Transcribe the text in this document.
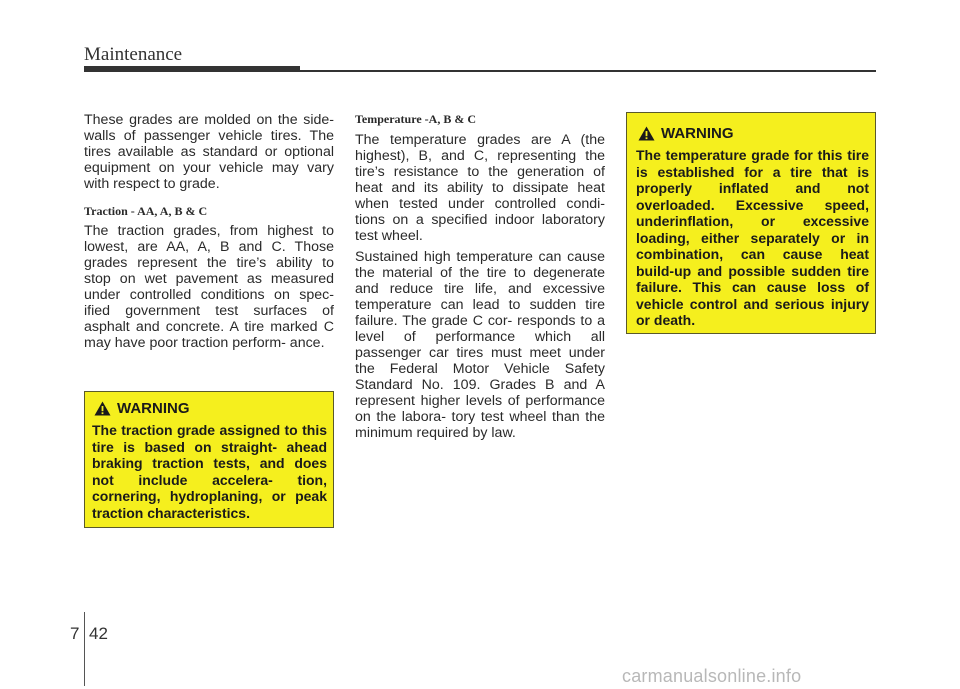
Maintenance

These grades are molded on the side-walls of passenger vehicle tires. The tires available as standard or optional equipment on your vehicle may vary with respect to grade.

Traction - AA, A, B & C

The traction grades, from highest to lowest, are AA, A, B and C. Those grades represent the tire’s ability to stop on wet pavement as measured under controlled conditions on spec- ified government test surfaces of asphalt and concrete. A tire marked C may have poor traction perform- ance.

WARNING

The traction grade assigned to this tire is based on straight- ahead braking traction tests, and does not include accelera- tion, cornering, hydroplaning, or peak traction characteristics.

Temperature -A, B & C

The temperature grades are A (the highest), B, and C, representing the tire’s resistance to the generation of heat and its ability to dissipate heat when tested under controlled condi- tions on a specified indoor laboratory test wheel.

Sustained high temperature can cause the material of the tire to degenerate and reduce tire life, and excessive temperature can lead to sudden tire failure. The grade C cor- responds to a level of performance which all passenger car tires must meet under the Federal Motor Vehicle Safety Standard No. 109. Grades B and A represent higher levels of performance on the labora- tory test wheel than the minimum required by law.

WARNING

The temperature grade for this tire is established for a tire that is properly inflated and not overloaded. Excessive speed, underinflation, or excessive loading, either separately or in combination, can cause heat build-up and possible sudden tire failure. This can cause loss of vehicle control and serious injury or death.

7 42
carmanualsonline.info
